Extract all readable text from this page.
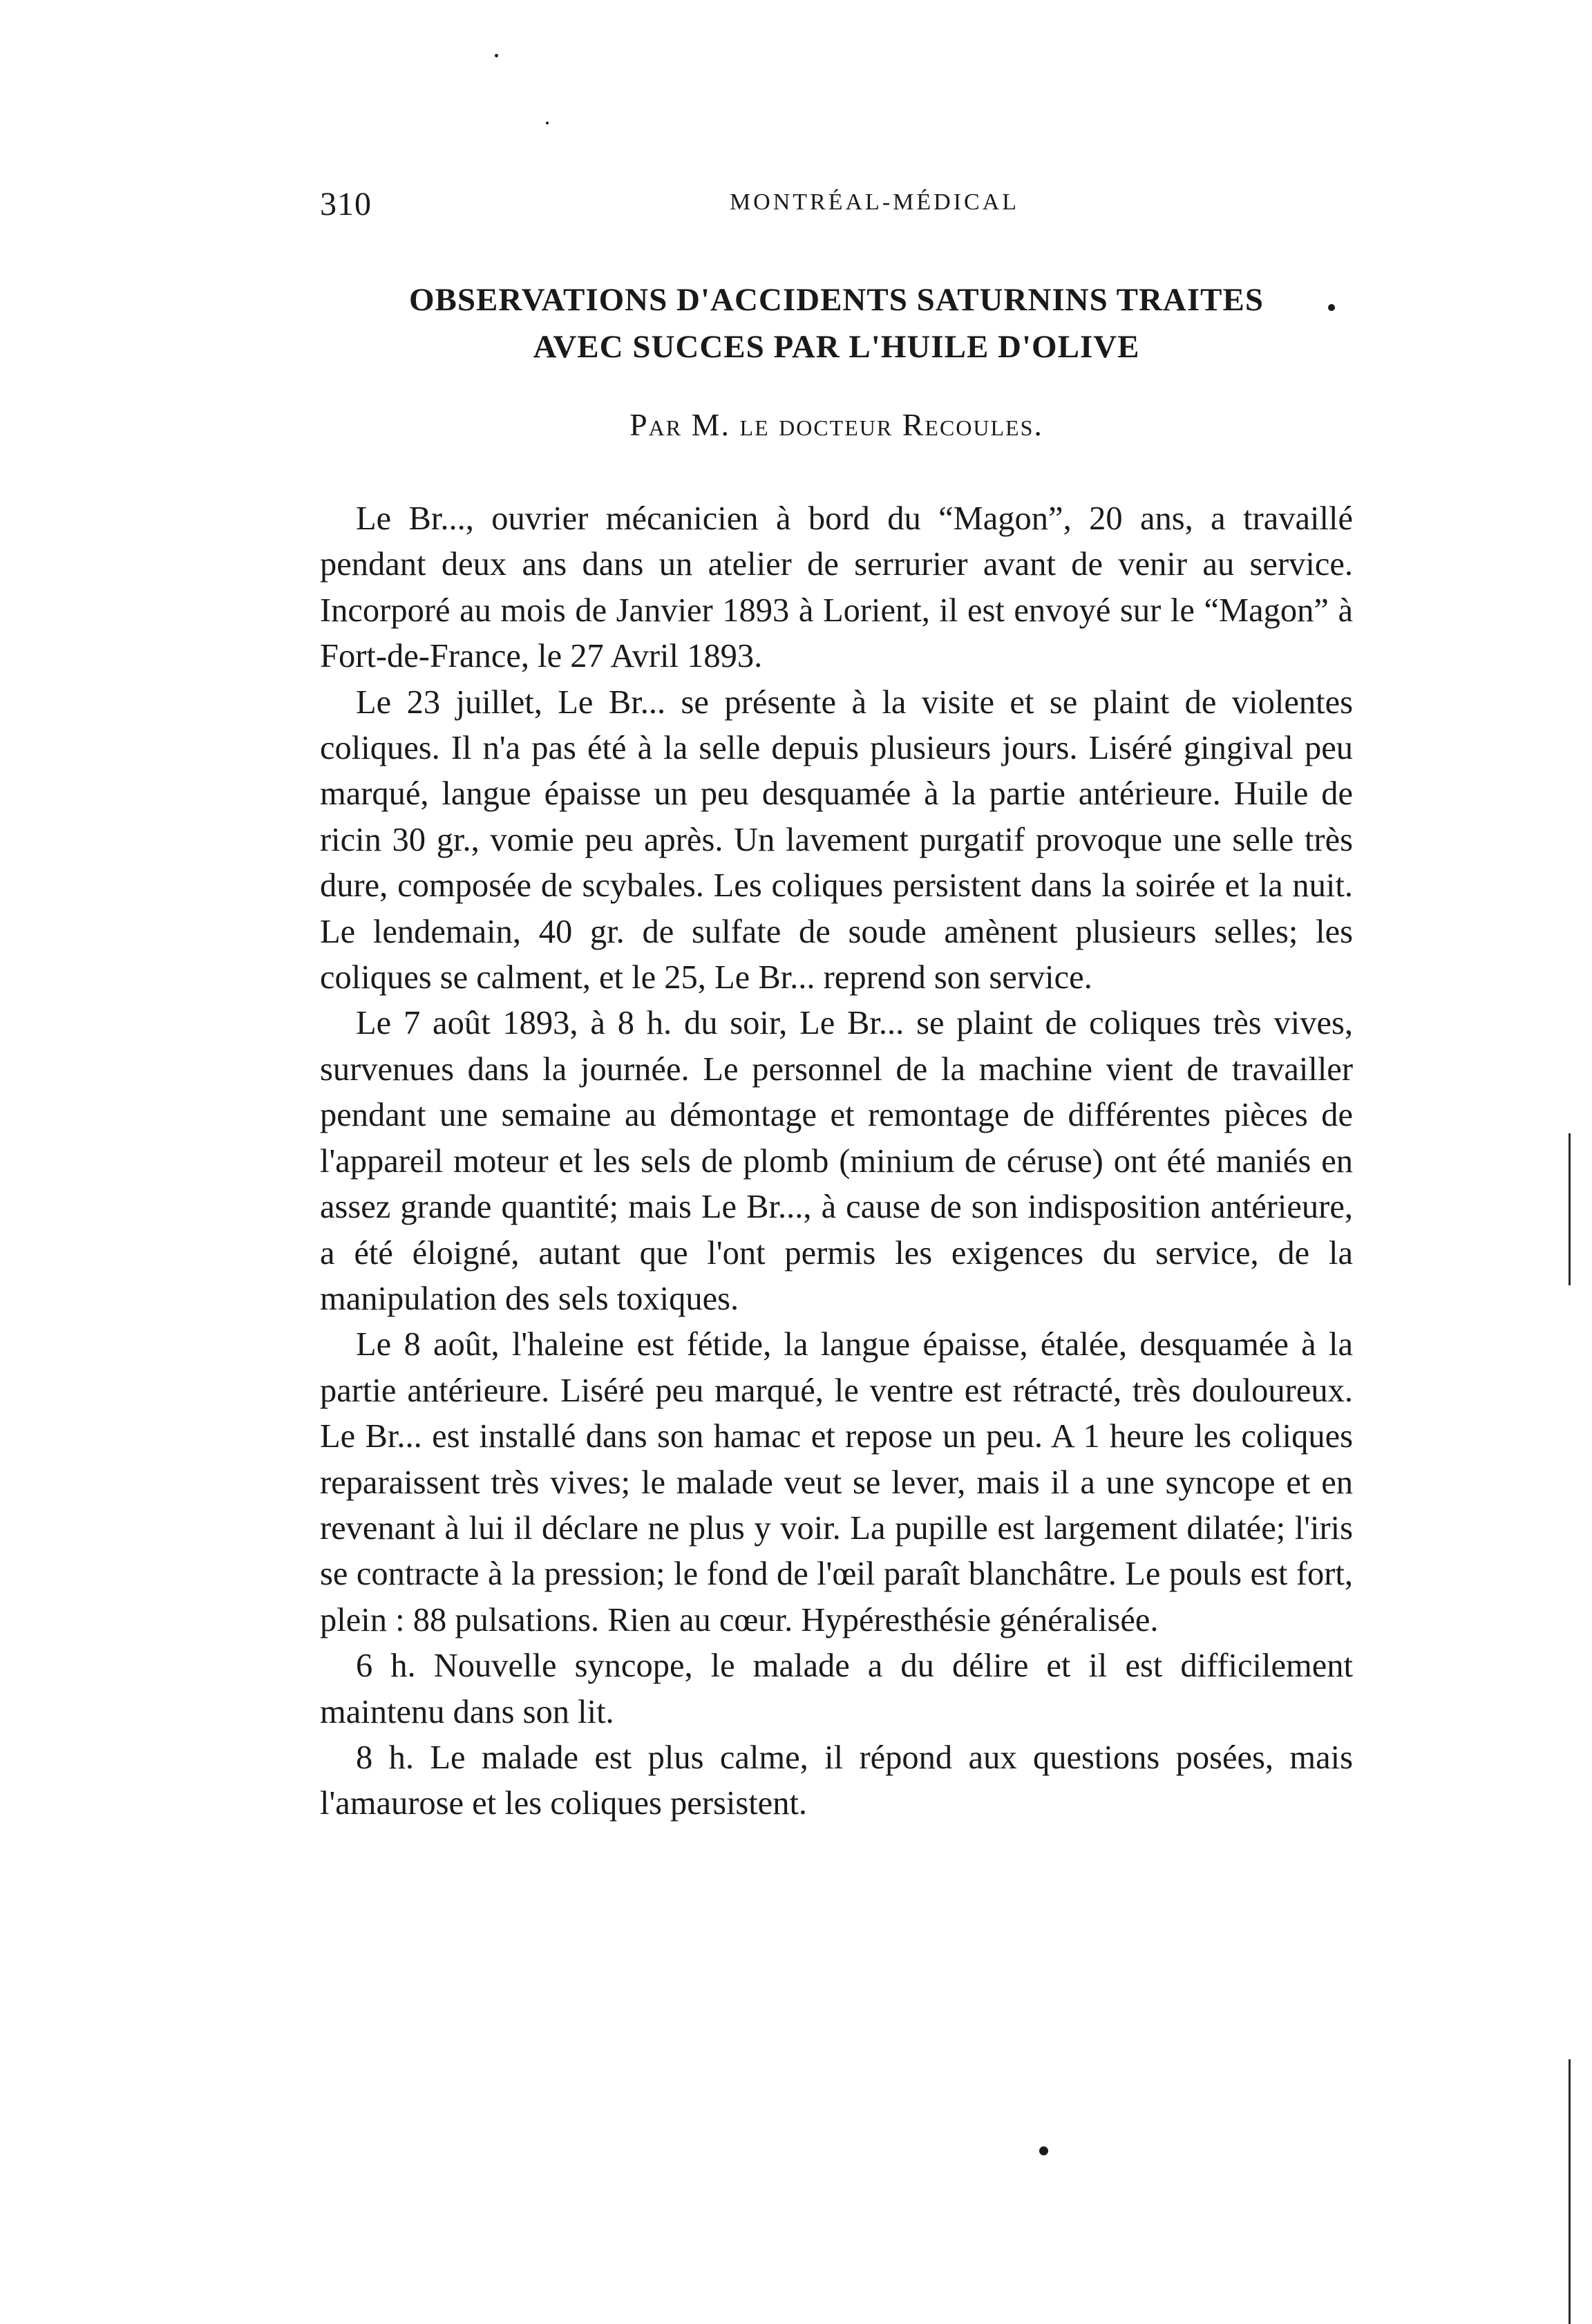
310	MONTRÉAL-MÉDICAL
OBSERVATIONS D'ACCIDENTS SATURNINS TRAITES
AVEC SUCCES PAR L'HUILE D'OLIVE
Par M. le docteur Recoules.

Le Br..., ouvrier mécanicien à bord du “Magon”, 20 ans, a travaillé pendant deux ans dans un atelier de serrurier avant de venir au service. Incorporé au mois de Janvier 1893 à Lorient, il est envoyé sur le “Magon” à Fort-de-France, le 27 Avril 1893.

Le 23 juillet, Le Br... se présente à la visite et se plaint de violentes coliques. Il n'a pas été à la selle depuis plusieurs jours. Liséré gingival peu marqué, langue épaisse un peu desquamée à la partie antérieure. Huile de ricin 30 gr., vomie peu après. Un lavement purgatif provoque une selle très dure, composée de scybales. Les coliques persistent dans la soirée et la nuit. Le lendemain, 40 gr. de sulfate de soude amènent plusieurs selles; les coliques se calment, et le 25, Le Br... reprend son service.

Le 7 août 1893, à 8 h. du soir, Le Br... se plaint de coliques très vives, survenues dans la journée. Le personnel de la machine vient de travailler pendant une semaine au démontage et remontage de différentes pièces de l'appareil moteur et les sels de plomb (minium de céruse) ont été maniés en assez grande quantité; mais Le Br..., à cause de son indisposition antérieure, a été éloigné, autant que l'ont permis les exigences du service, de la manipulation des sels toxiques.

Le 8 août, l'haleine est fétide, la langue épaisse, étalée, desquamée à la partie antérieure. Liséré peu marqué, le ventre est rétracté, très douloureux. Le Br... est installé dans son hamac et repose un peu. A 1 heure les coliques reparaissent très vives; le malade veut se lever, mais il a une syncope et en revenant à lui il déclare ne plus y voir. La pupille est largement dilatée; l'iris se contracte à la pression; le fond de l'œil paraît blanchâtre. Le pouls est fort, plein : 88 pulsations. Rien au cœur. Hypéresthésie généralisée.

6 h. Nouvelle syncope, le malade a du délire et il est difficilement maintenu dans son lit.

8 h. Le malade est plus calme, il répond aux questions posées, mais l'amaurose et les coliques persistent.
